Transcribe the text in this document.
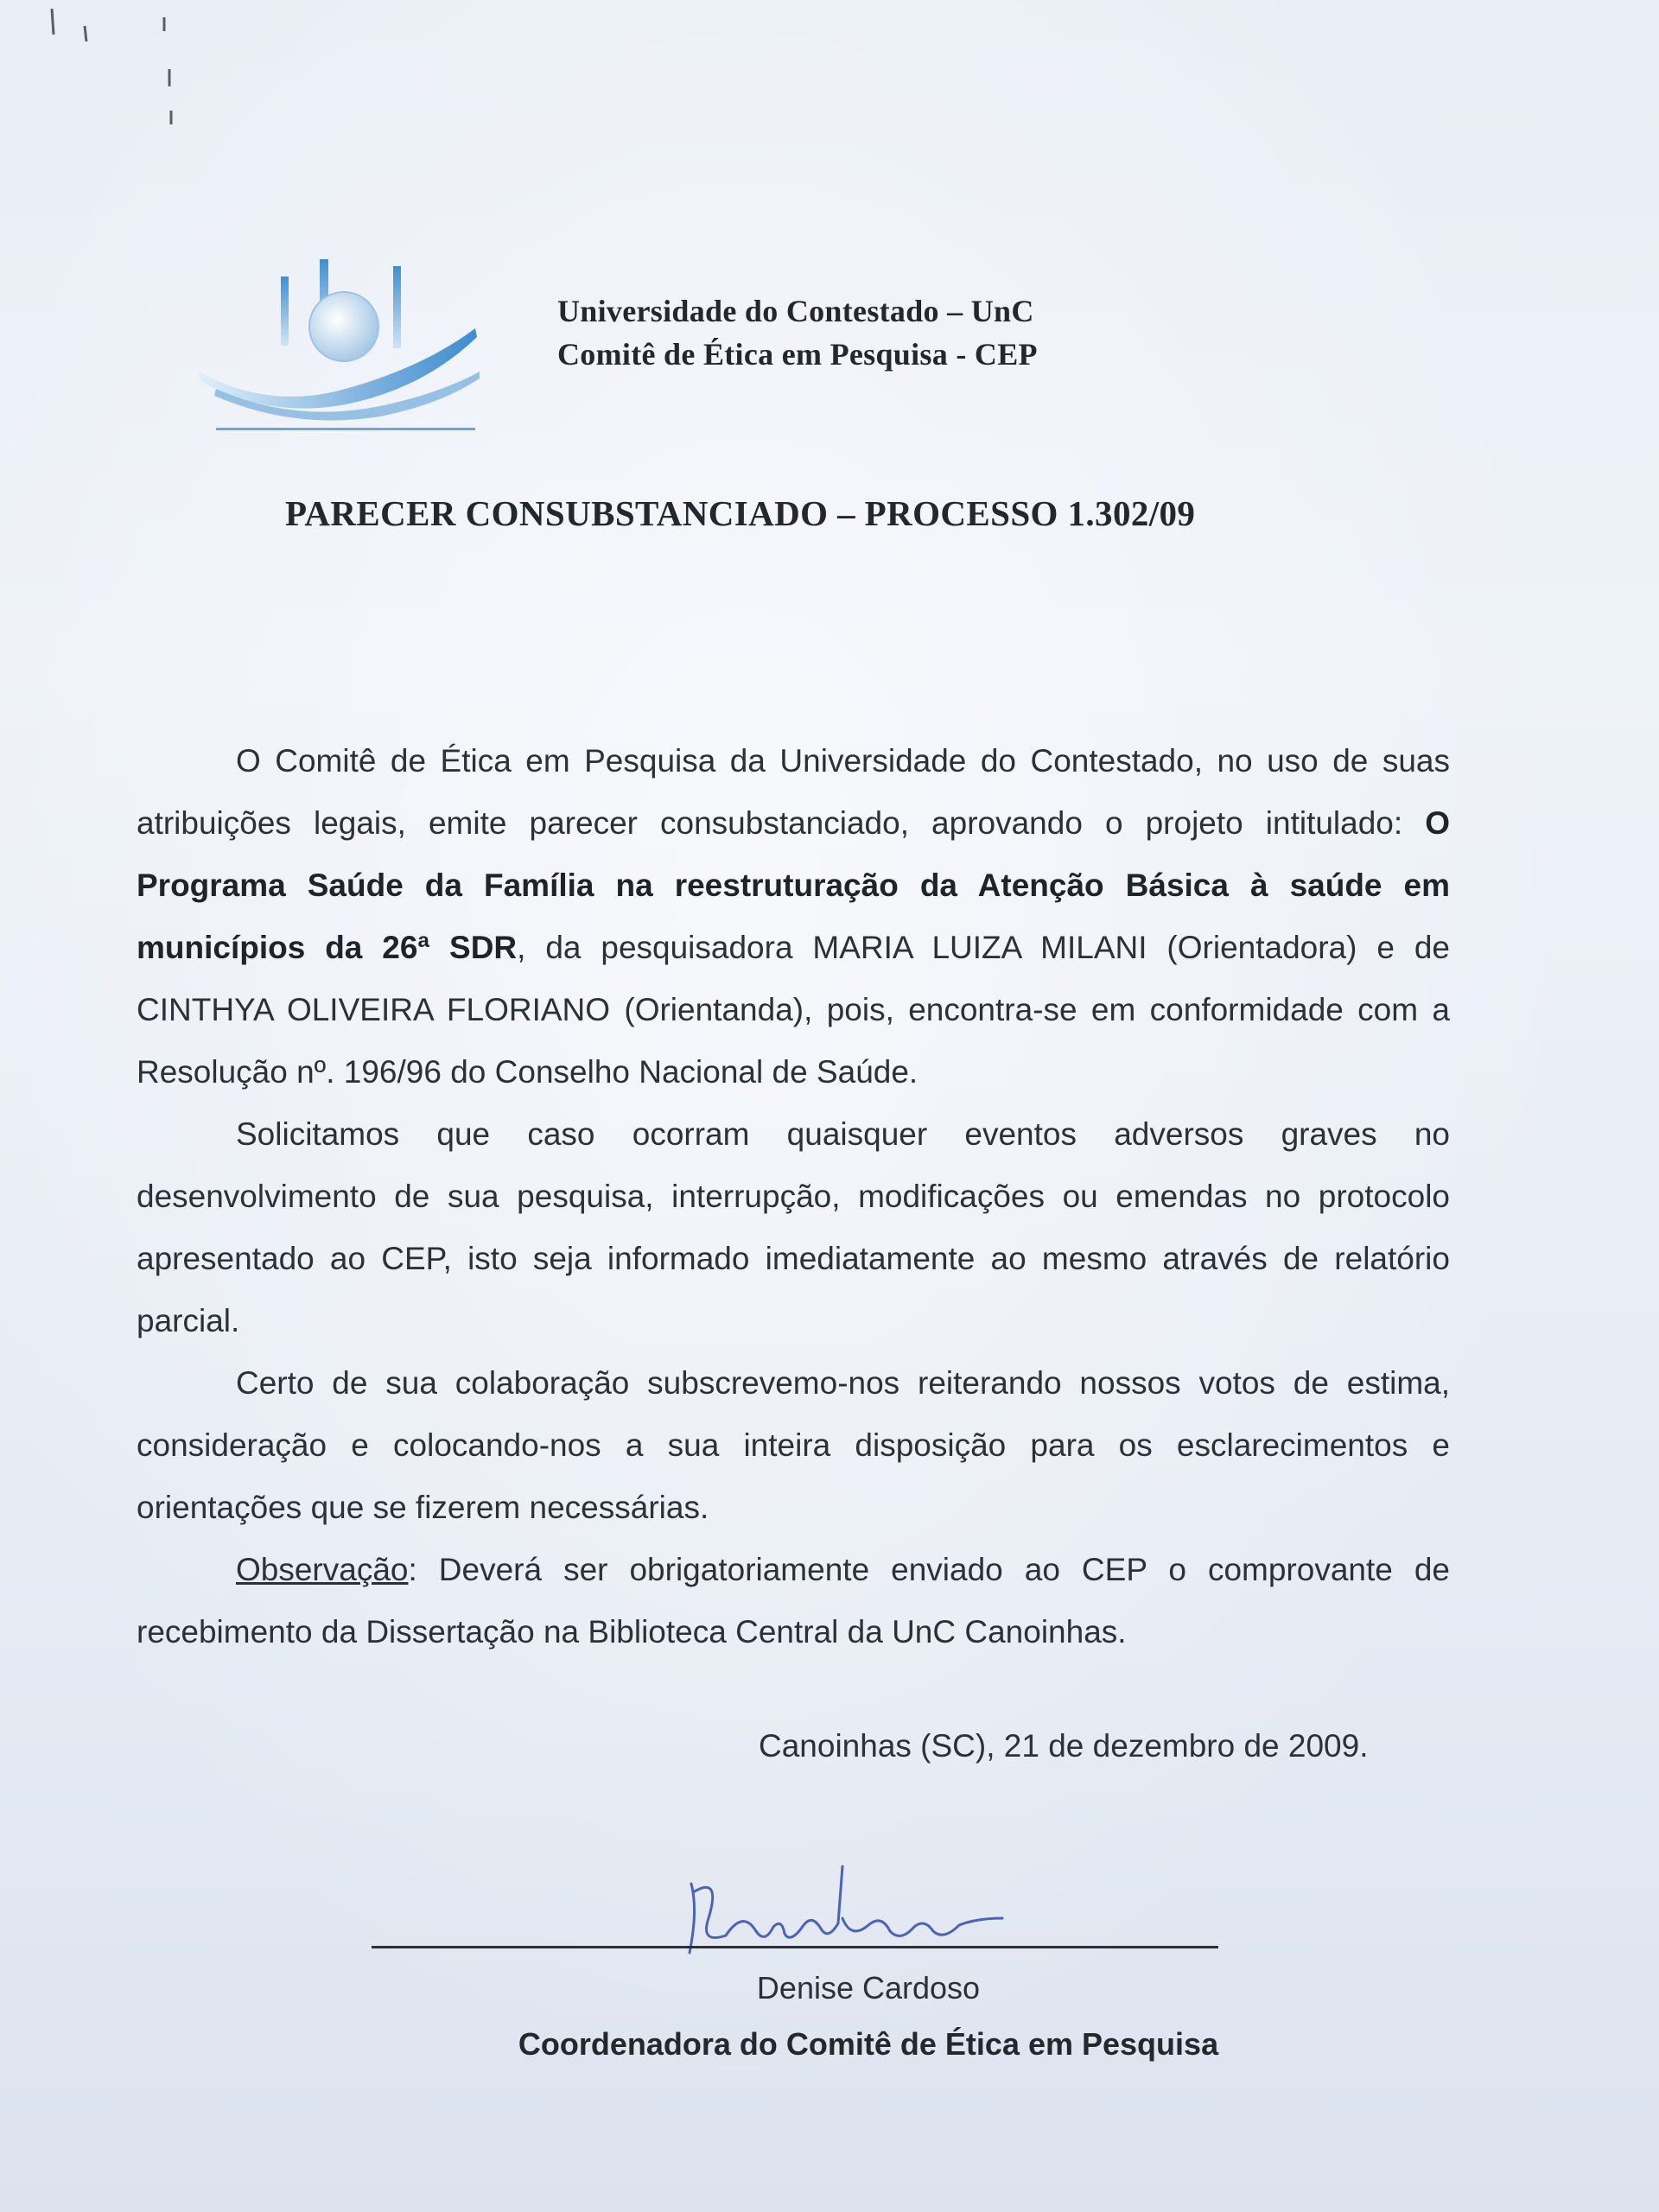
Universidade do Contestado – UnC
Comitê de Ética em Pesquisa - CEP
PARECER CONSUBSTANCIADO – PROCESSO 1.302/09

O Comitê de Ética em Pesquisa da Universidade do Contestado, no uso de suas atribuições legais, emite parecer consubstanciado, aprovando o projeto intitulado: O Programa Saúde da Família na reestruturação da Atenção Básica à saúde em municípios da 26ª SDR, da pesquisadora MARIA LUIZA MILANI (Orientadora) e de CINTHYA OLIVEIRA FLORIANO (Orientanda), pois, encontra-se em conformidade com a Resolução nº. 196/96 do Conselho Nacional de Saúde.

Solicitamos que caso ocorram quaisquer eventos adversos graves no desenvolvimento de sua pesquisa, interrupção, modificações ou emendas no protocolo apresentado ao CEP, isto seja informado imediatamente ao mesmo através de relatório parcial.

Certo de sua colaboração subscrevemo-nos reiterando nossos votos de estima, consideração e colocando-nos a sua inteira disposição para os esclarecimentos e orientações que se fizerem necessárias.

Observação: Deverá ser obrigatoriamente enviado ao CEP o comprovante de recebimento da Dissertação na Biblioteca Central da UnC Canoinhas.

Canoinhas (SC), 21 de dezembro de 2009.
Denise Cardoso
Coordenadora do Comitê de Ética em Pesquisa
